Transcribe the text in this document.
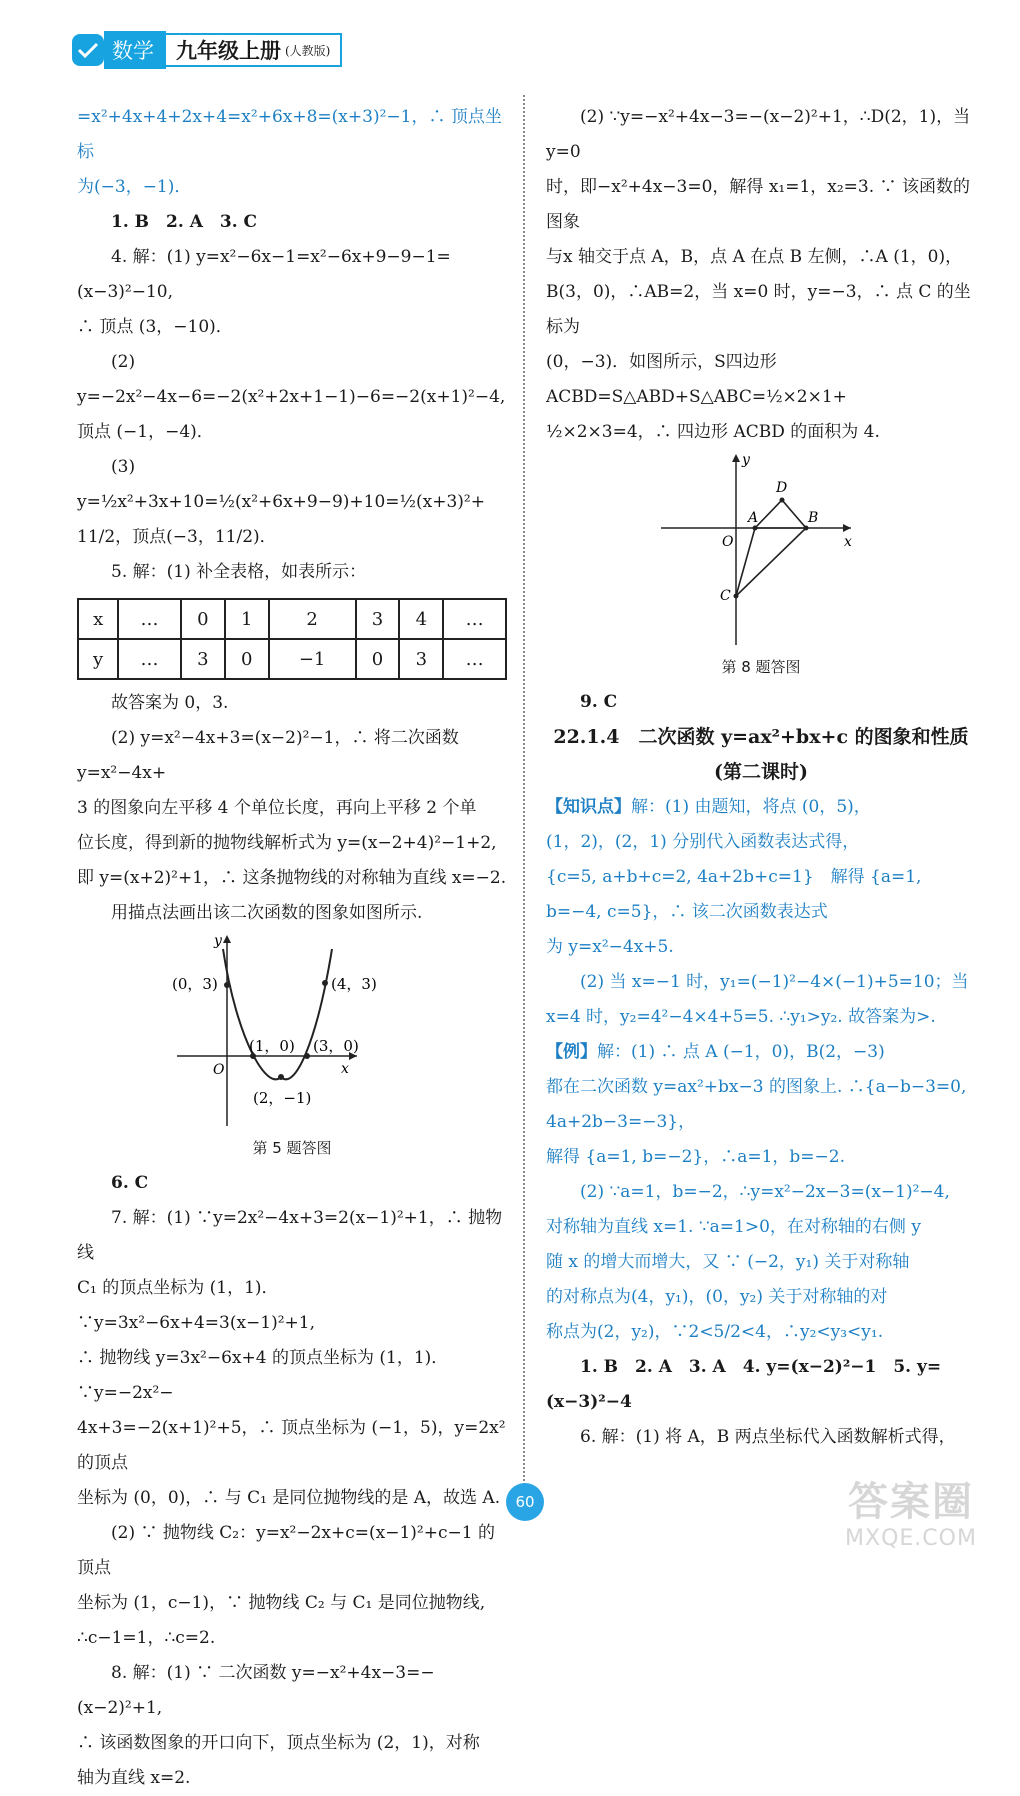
数学	九年级上册 (人教版)

=x²+4x+4+2x+4=x²+6x+8=(x+3)²−1，∴ 顶点坐标

为(−3，−1)．

1. B　2. A　3. C

4. 解：(1) y=x²−6x−1=x²−6x+9−9−1=(x−3)²−10,

∴ 顶点 (3，−10)．

(2) y=−2x²−4x−6=−2(x²+2x+1−1)−6=−2(x+1)²−4,

顶点 (−1，−4)．

(3) y=½x²+3x+10=½(x²+6x+9−9)+10=½(x+3)²+

11/2，顶点(−3，11/2)．

5. 解：(1) 补全表格，如表所示：

x	…	0	1	2	3	4	…
y	…	3	0	−1	0	3	…

故答案为 0，3.

(2) y=x²−4x+3=(x−2)²−1，∴ 将二次函数 y=x²−4x+

3 的图象向左平移 4 个单位长度，再向上平移 2 个单

位长度，得到新的抛物线解析式为 y=(x−2+4)²−1+2,

即 y=(x+2)²+1，∴ 这条抛物线的对称轴为直线 x=−2.

用描点法画出该二次函数的图象如图所示.

y
x
O
(0，3)	(4，3)
(1，0) (3，0)
(2，−1)

第 5 题答图

6. C

7. 解：(1) ∵y=2x²−4x+3=2(x−1)²+1，∴ 抛物线

C₁ 的顶点坐标为 (1，1)．∵y=3x²−6x+4=3(x−1)²+1,

∴ 抛物线 y=3x²−6x+4 的顶点坐标为 (1，1)．∵y=−2x²−

4x+3=−2(x+1)²+5，∴ 顶点坐标为 (−1，5)，y=2x² 的顶点

坐标为 (0，0)，∴ 与 C₁ 是同位抛物线的是 A，故选 A.

(2) ∵ 抛物线 C₂：y=x²−2x+c=(x−1)²+c−1 的顶点

坐标为 (1，c−1)，∵ 抛物线 C₂ 与 C₁ 是同位抛物线,

∴c−1=1，∴c=2.

8. 解：(1) ∵ 二次函数 y=−x²+4x−3=−(x−2)²+1,

∴ 该函数图象的开口向下，顶点坐标为 (2，1)，对称

轴为直线 x=2.

(2) ∵y=−x²+4x−3=−(x−2)²+1，∴D(2，1)，当 y=0

时，即−x²+4x−3=0，解得 x₁=1，x₂=3. ∵ 该函数的图象

与x 轴交于点 A，B，点 A 在点 B 左侧，∴A (1，0)，

B(3，0)，∴AB=2，当 x=0 时，y=−3，∴ 点 C 的坐标为

(0，−3)．如图所示，S四边形ACBD=S△ABD+S△ABC=½×2×1+

½×2×3=4，∴ 四边形 ACBD 的面积为 4.

y
x
O
A	B
C
D

第 8 题答图

9. C

22.1.4　二次函数 y=ax²+bx+c 的图象和性质

(第二课时)

【知识点】解：(1) 由题知，将点 (0，5)，

(1，2)，(2，1) 分别代入函数表达式得，

{c=5, a+b+c=2, 4a+2b+c=1}　解得 {a=1, b=−4, c=5}，∴ 该二次函数表达式

为 y=x²−4x+5.

(2) 当 x=−1 时，y₁=(−1)²−4×(−1)+5=10；当

x=4 时，y₂=4²−4×4+5=5. ∴y₁>y₂. 故答案为>.

【例】解：(1) ∴ 点 A (−1，0)，B(2，−3)

都在二次函数 y=ax²+bx−3 的图象上. ∴{a−b−3=0, 4a+2b−3=−3}，

解得 {a=1, b=−2}，∴a=1，b=−2.

(2) ∵a=1，b=−2，∴y=x²−2x−3=(x−1)²−4,

对称轴为直线 x=1. ∵a=1>0，在对称轴的右侧 y

随 x 的增大而增大，又 ∵ (−2，y₁) 关于对称轴

的对称点为(4，y₁)，(0，y₂) 关于对称轴的对

称点为(2，y₂)，∵2<5/2<4，∴y₂<y₃<y₁.

1. B　2. A　3. A　4. y=(x−2)²−1　5. y=(x−3)²−4

6. 解：(1) 将 A，B 两点坐标代入函数解析式得，

60	答案圈
MXQE.COM
